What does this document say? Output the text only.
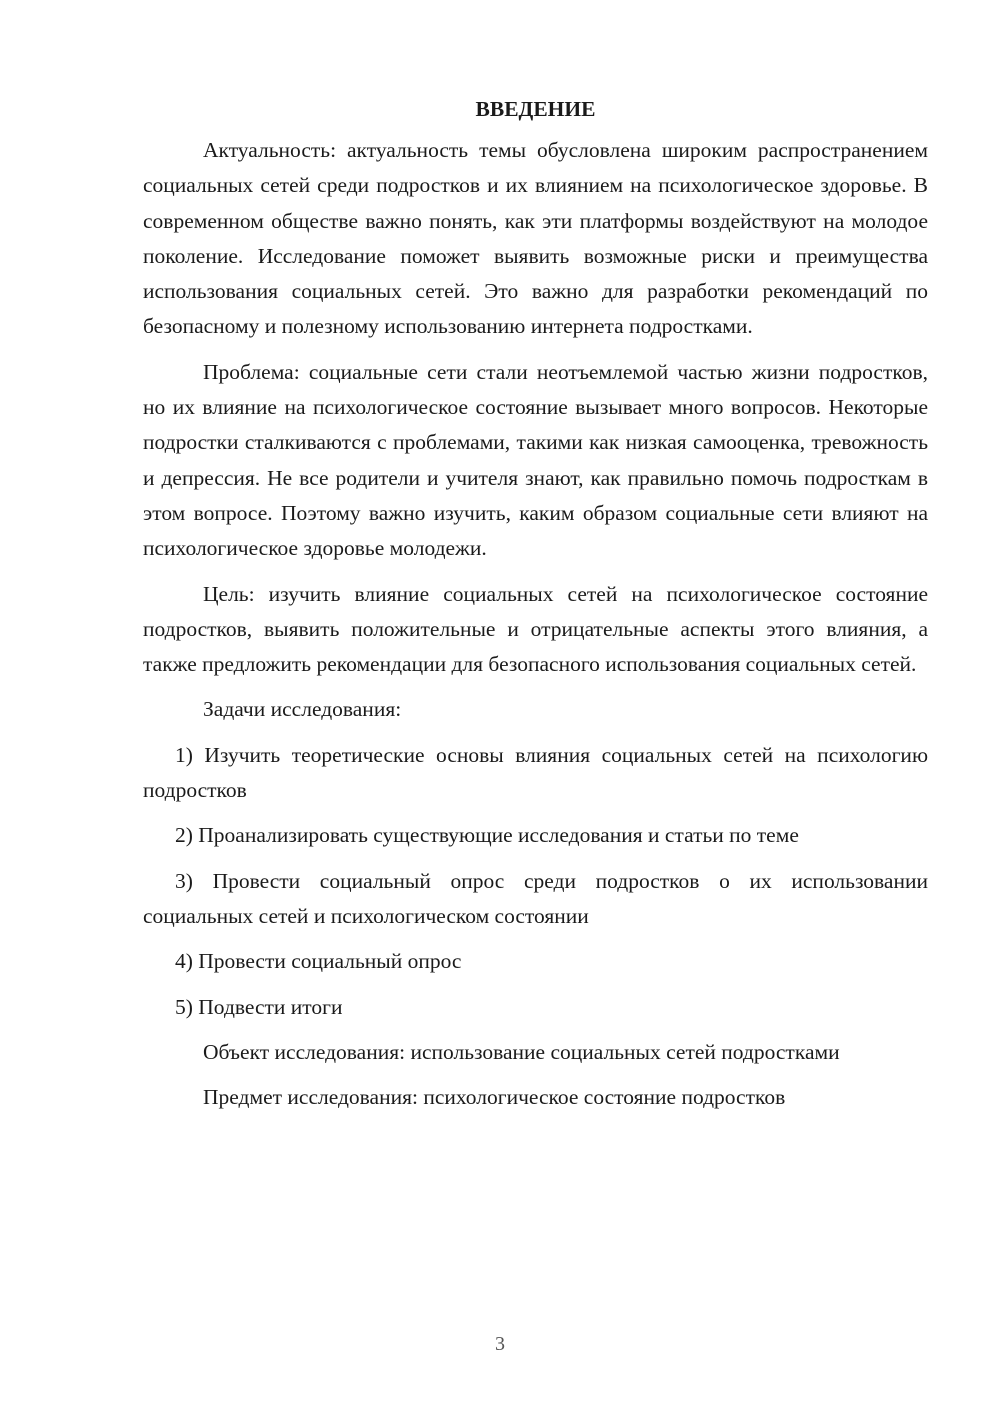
ВВЕДЕНИЕ

Актуальность: актуальность темы обусловлена широким распространением социальных сетей среди подростков и их влиянием на психологическое здоровье. В современном обществе важно понять, как эти платформы воздействуют на молодое поколение. Исследование поможет выявить возможные риски и преимущества использования социальных сетей. Это важно для разработки рекомендаций по безопасному и полезному использованию интернета подростками.

Проблема: социальные сети стали неотъемлемой частью жизни подростков, но их влияние на психологическое состояние вызывает много вопросов. Некоторые подростки сталкиваются с проблемами, такими как низкая самооценка, тревожность и депрессия. Не все родители и учителя знают, как правильно помочь подросткам в этом вопросе. Поэтому важно изучить, каким образом социальные сети влияют на психологическое здоровье молодежи.

Цель: изучить влияние социальных сетей на психологическое состояние подростков, выявить положительные и отрицательные аспекты этого влияния, а также предложить рекомендации для безопасного использования социальных сетей.

Задачи исследования:

1) Изучить теоретические основы влияния социальных сетей на психологию подростков

2) Проанализировать существующие исследования и статьи по теме

3) Провести социальный опрос среди подростков о их использовании социальных сетей и психологическом состоянии

4) Провести социальный опрос

5) Подвести итоги

Объект исследования: использование социальных сетей подростками

Предмет исследования: психологическое состояние подростков

3
